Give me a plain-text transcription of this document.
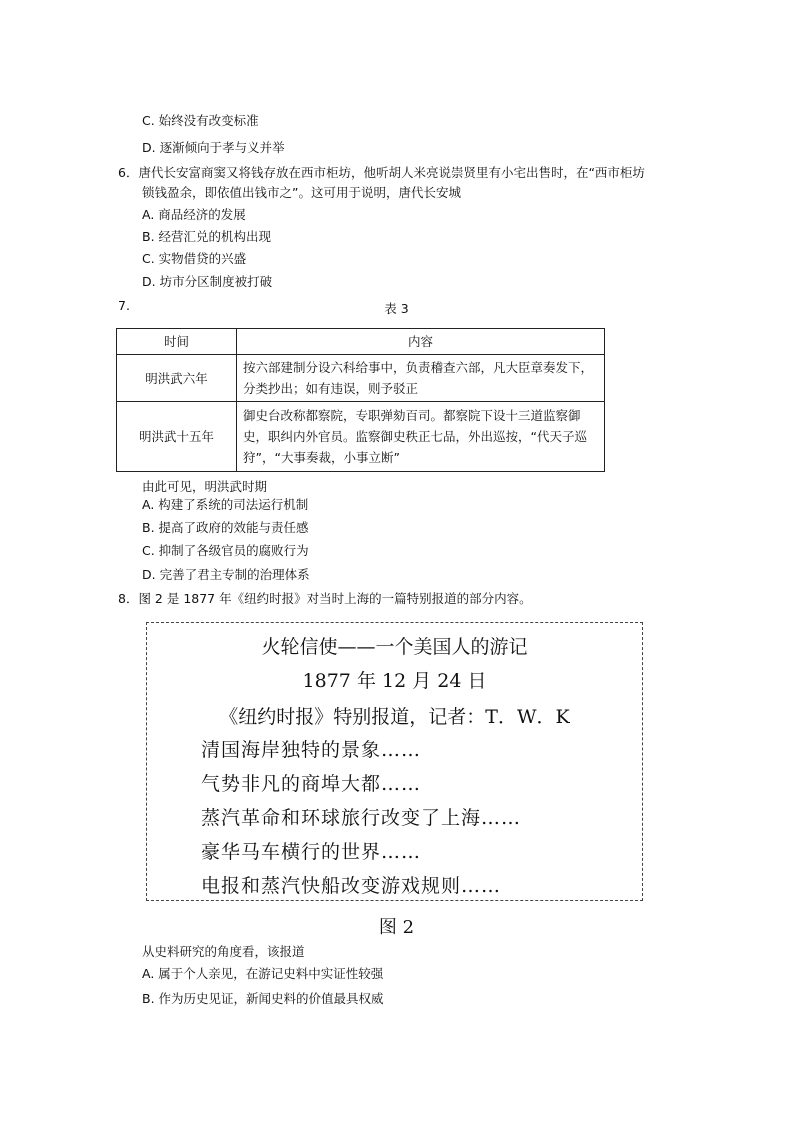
C. 始终没有改变标准
D. 逐渐倾向于孝与义并举
6．唐代长安富商窦又将钱存放在西市柜坊，他听胡人米亮说崇贤里有小宅出售时，在“西市柜坊
锁钱盈余，即依值出钱市之”。这可用于说明，唐代长安城
A. 商品经济的发展
B. 经营汇兑的机构出现
C. 实物借贷的兴盛
D. 坊市分区制度被打破
7.	表 3
时间	内容
明洪武六年	按六部建制分设六科给事中，负责稽查六部，凡大臣章奏发下，分类抄出；如有违误，则予驳正
明洪武十五年	御史台改称都察院，专职弹劾百司。都察院下设十三道监察御史，职纠内外官员。监察御史秩正七品，外出巡按，“代天子巡狩”，“大事奏裁，小事立断”
由此可见，明洪武时期
A. 构建了系统的司法运行机制
B. 提高了政府的效能与责任感
C. 抑制了各级官员的腐败行为
D. 完善了君主专制的治理体系
8．图 2 是 1877 年《纽约时报》对当时上海的一篇特别报道的部分内容。
火轮信使——一个美国人的游记
1877 年 12 月 24 日
《纽约时报》特别报道，记者：T．W．K
清国海岸独特的景象……
气势非凡的商埠大都……
蒸汽革命和环球旅行改变了上海……
豪华马车横行的世界……
电报和蒸汽快船改变游戏规则……
图 2
从史料研究的角度看，该报道
A. 属于个人亲见，在游记史料中实证性较强
B. 作为历史见证，新闻史料的价值最具权威
